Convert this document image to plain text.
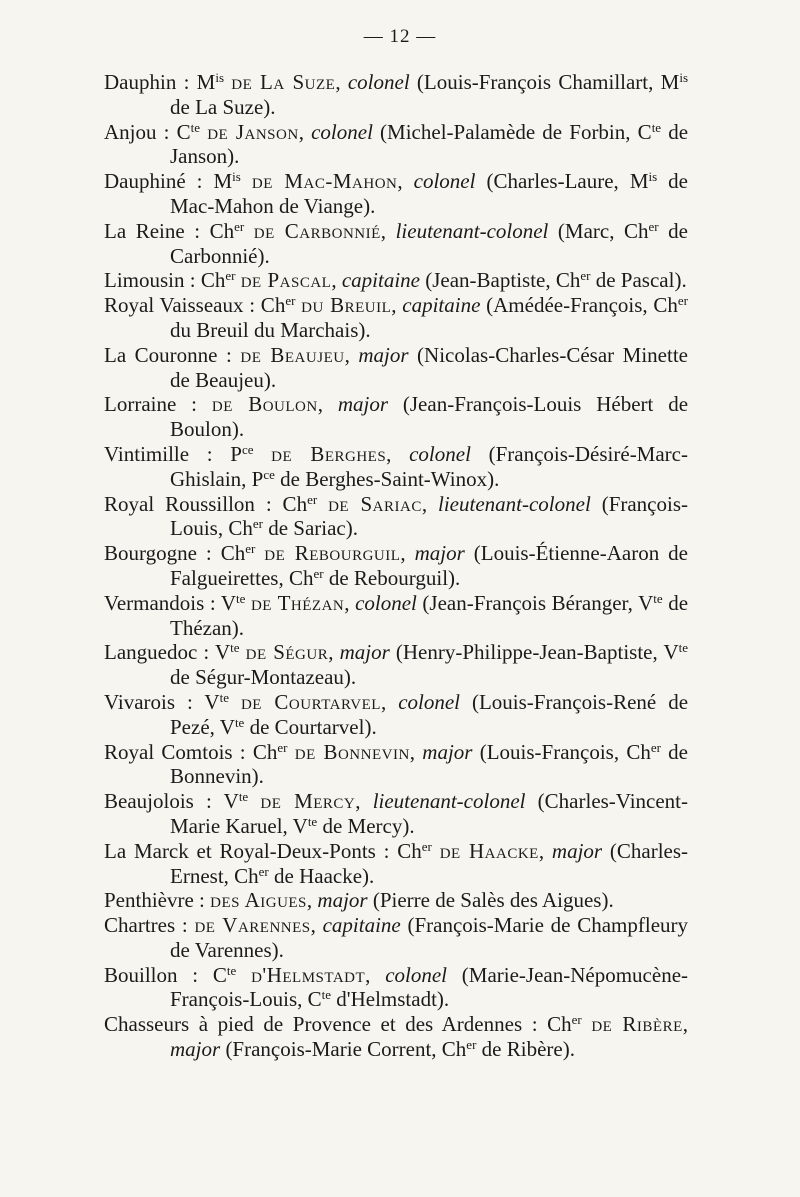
— 12 —

Dauphin : $M^{is}$ de La Suze, colonel (Louis-François Chamillart, $M^{is}$ de La Suze).

Anjou : $C^{te}$ de Janson, colonel (Michel-Palamède de Forbin, $C^{te}$ de Janson).

Dauphiné : $M^{is}$ de Mac-Mahon, colonel (Charles-Laure, $M^{is}$ de Mac-Mahon de Viange).

La Reine : $Ch^{er}$ de Carbonnié, lieutenant-colonel (Marc, $Ch^{er}$ de Carbonnié).

Limousin : $Ch^{er}$ de Pascal, capitaine (Jean-Baptiste, $Ch^{er}$ de Pascal).

Royal Vaisseaux : $Ch^{er}$ du Breuil, capitaine (Amédée-François, $Ch^{er}$ du Breuil du Marchais).

La Couronne : de Beaujeu, major (Nicolas-Charles-César Minette de Beaujeu).

Lorraine : de Boulon, major (Jean-François-Louis Hébert de Boulon).

Vintimille : $P^{ce}$ de Berghes, colonel (François-Désiré-Marc-Ghislain, $P^{ce}$ de Berghes-Saint-Winox).

Royal Roussillon : $Ch^{er}$ de Sariac, lieutenant-colonel (François-Louis, $Ch^{er}$ de Sariac).

Bourgogne : $Ch^{er}$ de Rebourguil, major (Louis-Étienne-Aaron de Falgueirettes, $Ch^{er}$ de Rebourguil).

Vermandois : $V^{te}$ de Thézan, colonel (Jean-François Béranger, $V^{te}$ de Thézan).

Languedoc : $V^{te}$ de Ségur, major (Henry-Philippe-Jean-Baptiste, $V^{te}$ de Ségur-Montazeau).

Vivarois : $V^{te}$ de Courtarvel, colonel (Louis-François-René de Pezé, $V^{te}$ de Courtarvel).

Royal Comtois : $Ch^{er}$ de Bonnevin, major (Louis-François, $Ch^{er}$ de Bonnevin).

Beaujolois : $V^{te}$ de Mercy, lieutenant-colonel (Charles-Vincent-Marie Karuel, $V^{te}$ de Mercy).

La Marck et Royal-Deux-Ponts : $Ch^{er}$ de Haacke, major (Charles-Ernest, $Ch^{er}$ de Haacke).

Penthièvre : des Aigues, major (Pierre de Salès des Aigues).

Chartres : de Varennes, capitaine (François-Marie de Champfleury de Varennes).

Bouillon : $C^{te}$ d'Helmstadt, colonel (Marie-Jean-Népomucène-François-Louis, $C^{te}$ d'Helmstadt).

Chasseurs à pied de Provence et des Ardennes : $Ch^{er}$ de Ribère, major (François-Marie Corrent, $Ch^{er}$ de Ribère).
